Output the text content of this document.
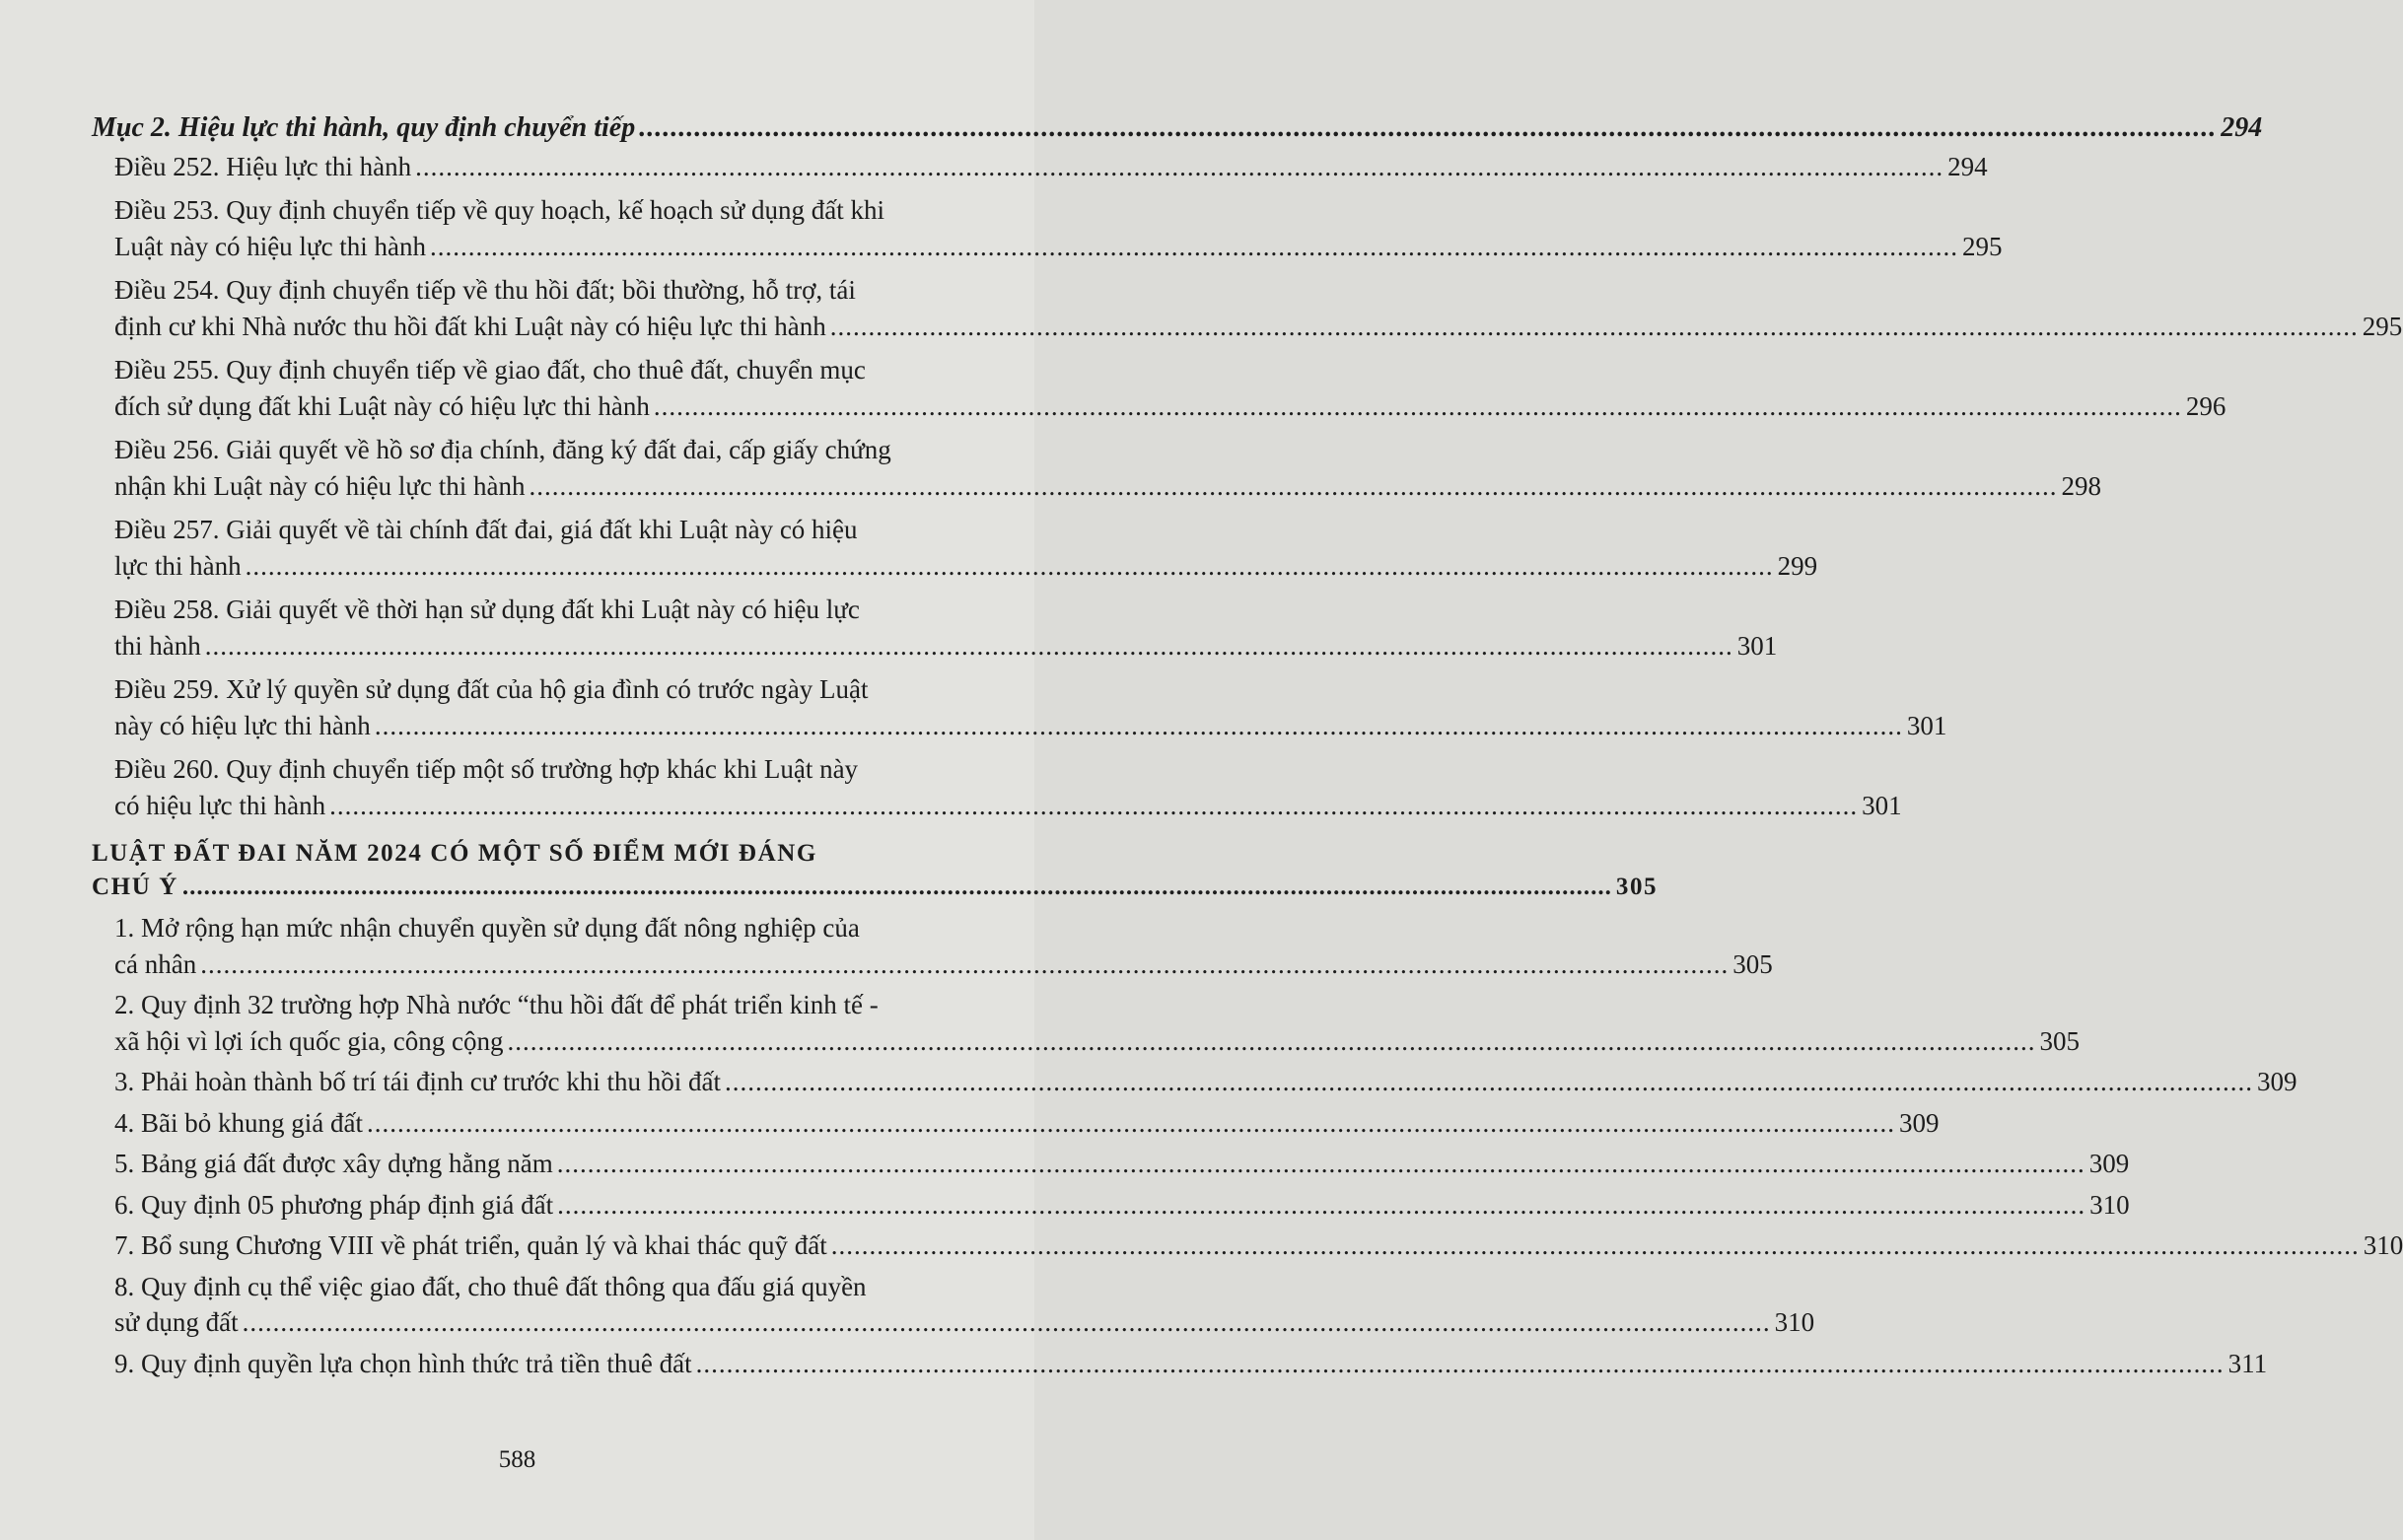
Mục 2. Hiệu lực thi hành, quy định chuyển tiếp ........................................................................................................................................................................................................ 294
Điều 252. Hiệu lực thi hành ........................................................................................................................................................................................................ 294
Điều 253. Quy định chuyển tiếp về quy hoạch, kế hoạch sử dụng đất khi
Luật này có hiệu lực thi hành ........................................................................................................................................................................................................ 295
Điều 254. Quy định chuyển tiếp về thu hồi đất; bồi thường, hỗ trợ, tái
định cư khi Nhà nước thu hồi đất khi Luật này có hiệu lực thi hành ........................................................................................................................................................................................................ 295
Điều 255. Quy định chuyển tiếp về giao đất, cho thuê đất, chuyển mục
đích sử dụng đất khi Luật này có hiệu lực thi hành ........................................................................................................................................................................................................ 296
Điều 256. Giải quyết về hồ sơ địa chính, đăng ký đất đai, cấp giấy chứng
nhận khi Luật này có hiệu lực thi hành ........................................................................................................................................................................................................ 298
Điều 257. Giải quyết về tài chính đất đai, giá đất khi Luật này có hiệu
lực thi hành ........................................................................................................................................................................................................ 299
Điều 258. Giải quyết về thời hạn sử dụng đất khi Luật này có hiệu lực
thi hành ........................................................................................................................................................................................................ 301
Điều 259. Xử lý quyền sử dụng đất của hộ gia đình có trước ngày Luật
này có hiệu lực thi hành ........................................................................................................................................................................................................ 301
Điều 260. Quy định chuyển tiếp một số trường hợp khác khi Luật này
có hiệu lực thi hành ........................................................................................................................................................................................................ 301
LUẬT ĐẤT ĐAI NĂM 2024 CÓ MỘT SỐ ĐIỂM MỚI ĐÁNG
CHÚ Ý ........................................................................................................................................................................................................ 305
1. Mở rộng hạn mức nhận chuyển quyền sử dụng đất nông nghiệp của
cá nhân ........................................................................................................................................................................................................ 305
2. Quy định 32 trường hợp Nhà nước “thu hồi đất để phát triển kinh tế -
xã hội vì lợi ích quốc gia, công cộng ........................................................................................................................................................................................................ 305
3. Phải hoàn thành bố trí tái định cư trước khi thu hồi đất ........................................................................................................................................................................................................ 309
4. Bãi bỏ khung giá đất ........................................................................................................................................................................................................ 309
5. Bảng giá đất được xây dựng hằng năm ........................................................................................................................................................................................................ 309
6. Quy định 05 phương pháp định giá đất ........................................................................................................................................................................................................ 310
7. Bổ sung Chương VIII về phát triển, quản lý và khai thác quỹ đất ........................................................................................................................................................................................................ 310
8. Quy định cụ thể việc giao đất, cho thuê đất thông qua đấu giá quyền
sử dụng đất ........................................................................................................................................................................................................ 310
9. Quy định quyền lựa chọn hình thức trả tiền thuê đất ........................................................................................................................................................................................................ 311
588
